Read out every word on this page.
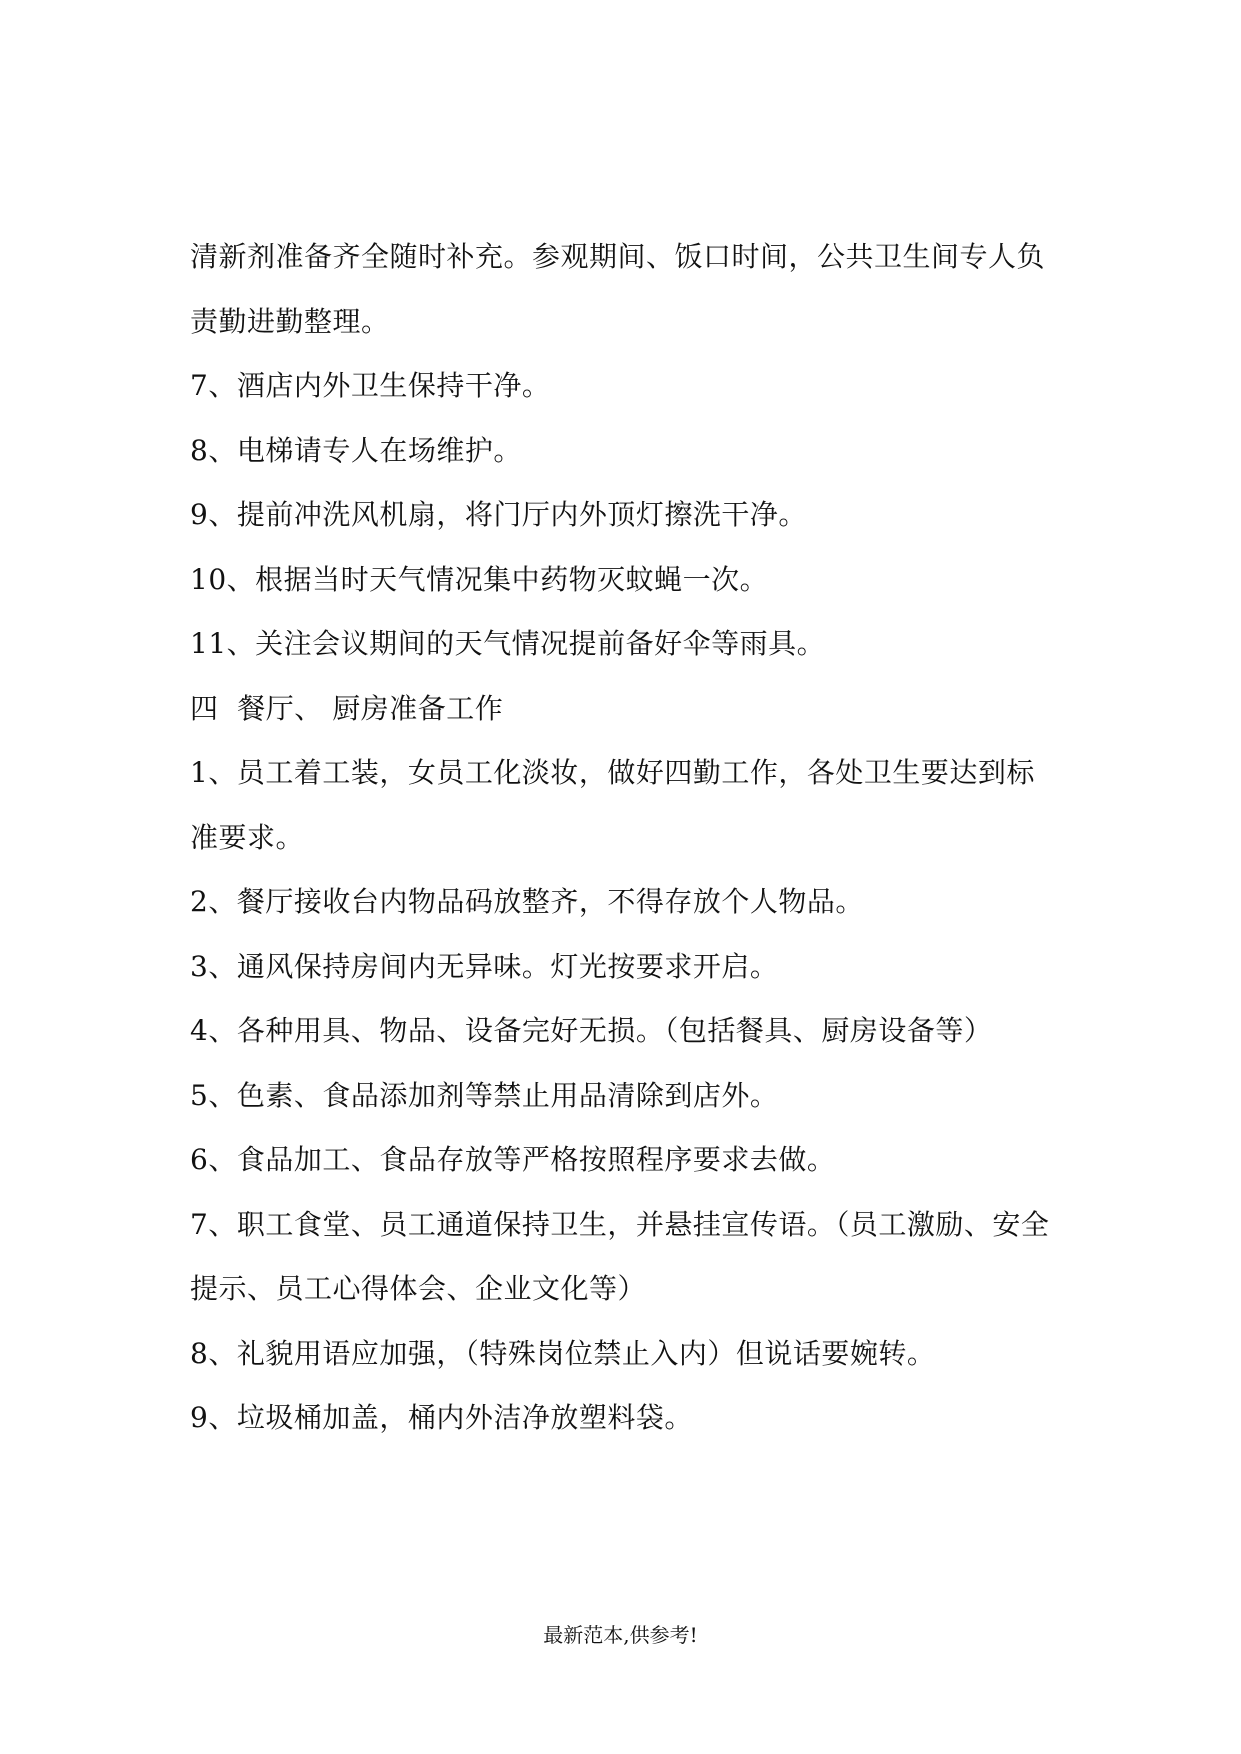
清新剂准备齐全随时补充。参观期间、饭口时间，公共卫生间专人负
责勤进勤整理。
7、酒店内外卫生保持干净。
8、电梯请专人在场维护。
9、提前冲洗风机扇，将门厅内外顶灯擦洗干净。
10、根据当时天气情况集中药物灭蚊蝇一次。
11、关注会议期间的天气情况提前备好伞等雨具。
四  餐厅、 厨房准备工作
1、员工着工装，女员工化淡妆，做好四勤工作，各处卫生要达到标
准要求。
2、餐厅接收台内物品码放整齐，不得存放个人物品。
3、通风保持房间内无异味。灯光按要求开启。
4、各种用具、物品、设备完好无损。（包括餐具、厨房设备等）
5、色素、食品添加剂等禁止用品清除到店外。
6、食品加工、食品存放等严格按照程序要求去做。
7、职工食堂、员工通道保持卫生，并悬挂宣传语。（员工激励、安全
提示、员工心得体会、企业文化等）
8、礼貌用语应加强，（特殊岗位禁止入内）但说话要婉转。
9、垃圾桶加盖，桶内外洁净放塑料袋。
最新范本,供参考!
